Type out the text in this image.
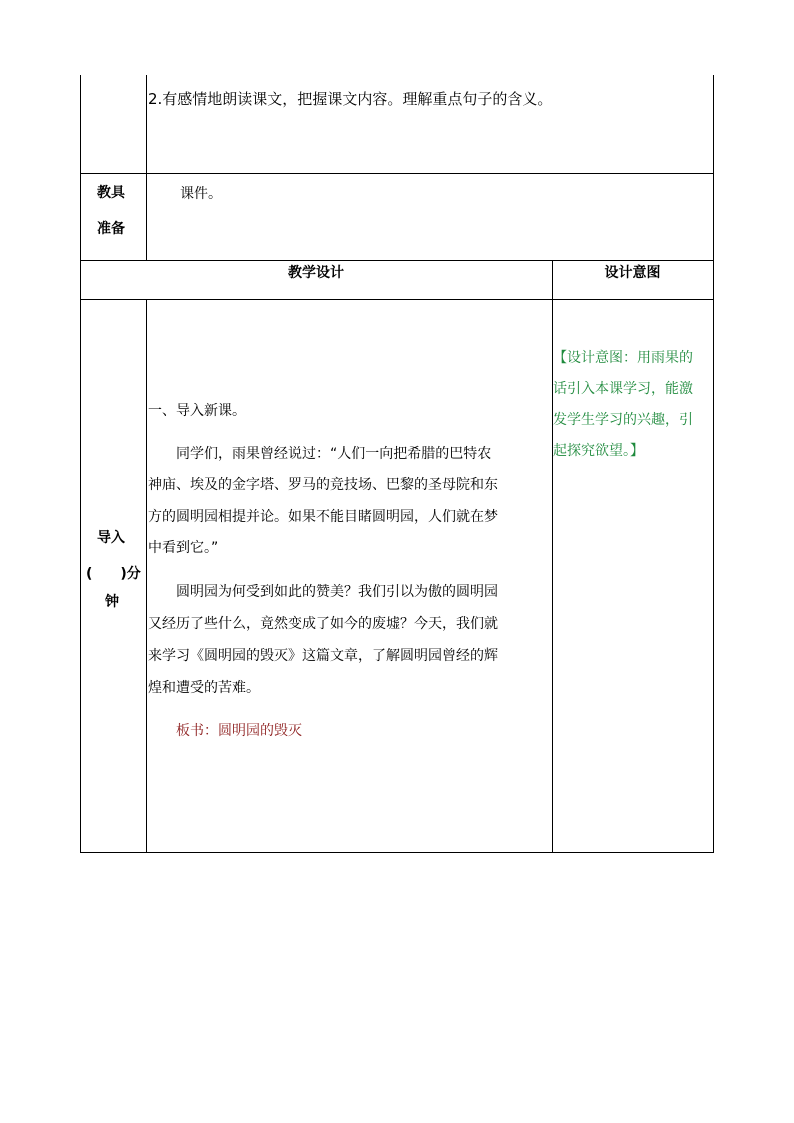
2.有感情地朗读课文，把握课文内容。理解重点句子的含义。
教具
准备
课件。
教学设计	设计意图
导入
(　　)分
钟
一、导入新课。
同学们，雨果曾经说过：“人们一向把希腊的巴特农
神庙、埃及的金字塔、罗马的竞技场、巴黎的圣母院和东
方的圆明园相提并论。如果不能目睹圆明园，人们就在梦
中看到它。”
圆明园为何受到如此的赞美？我们引以为傲的圆明园
又经历了些什么，竟然变成了如今的废墟？今天，我们就
来学习《圆明园的毁灭》这篇文章，了解圆明园曾经的辉
煌和遭受的苦难。
板书：圆明园的毁灭
【设计意图：用雨果的
话引入本课学习，能激
发学生学习的兴趣，引
起探究欲望。】
